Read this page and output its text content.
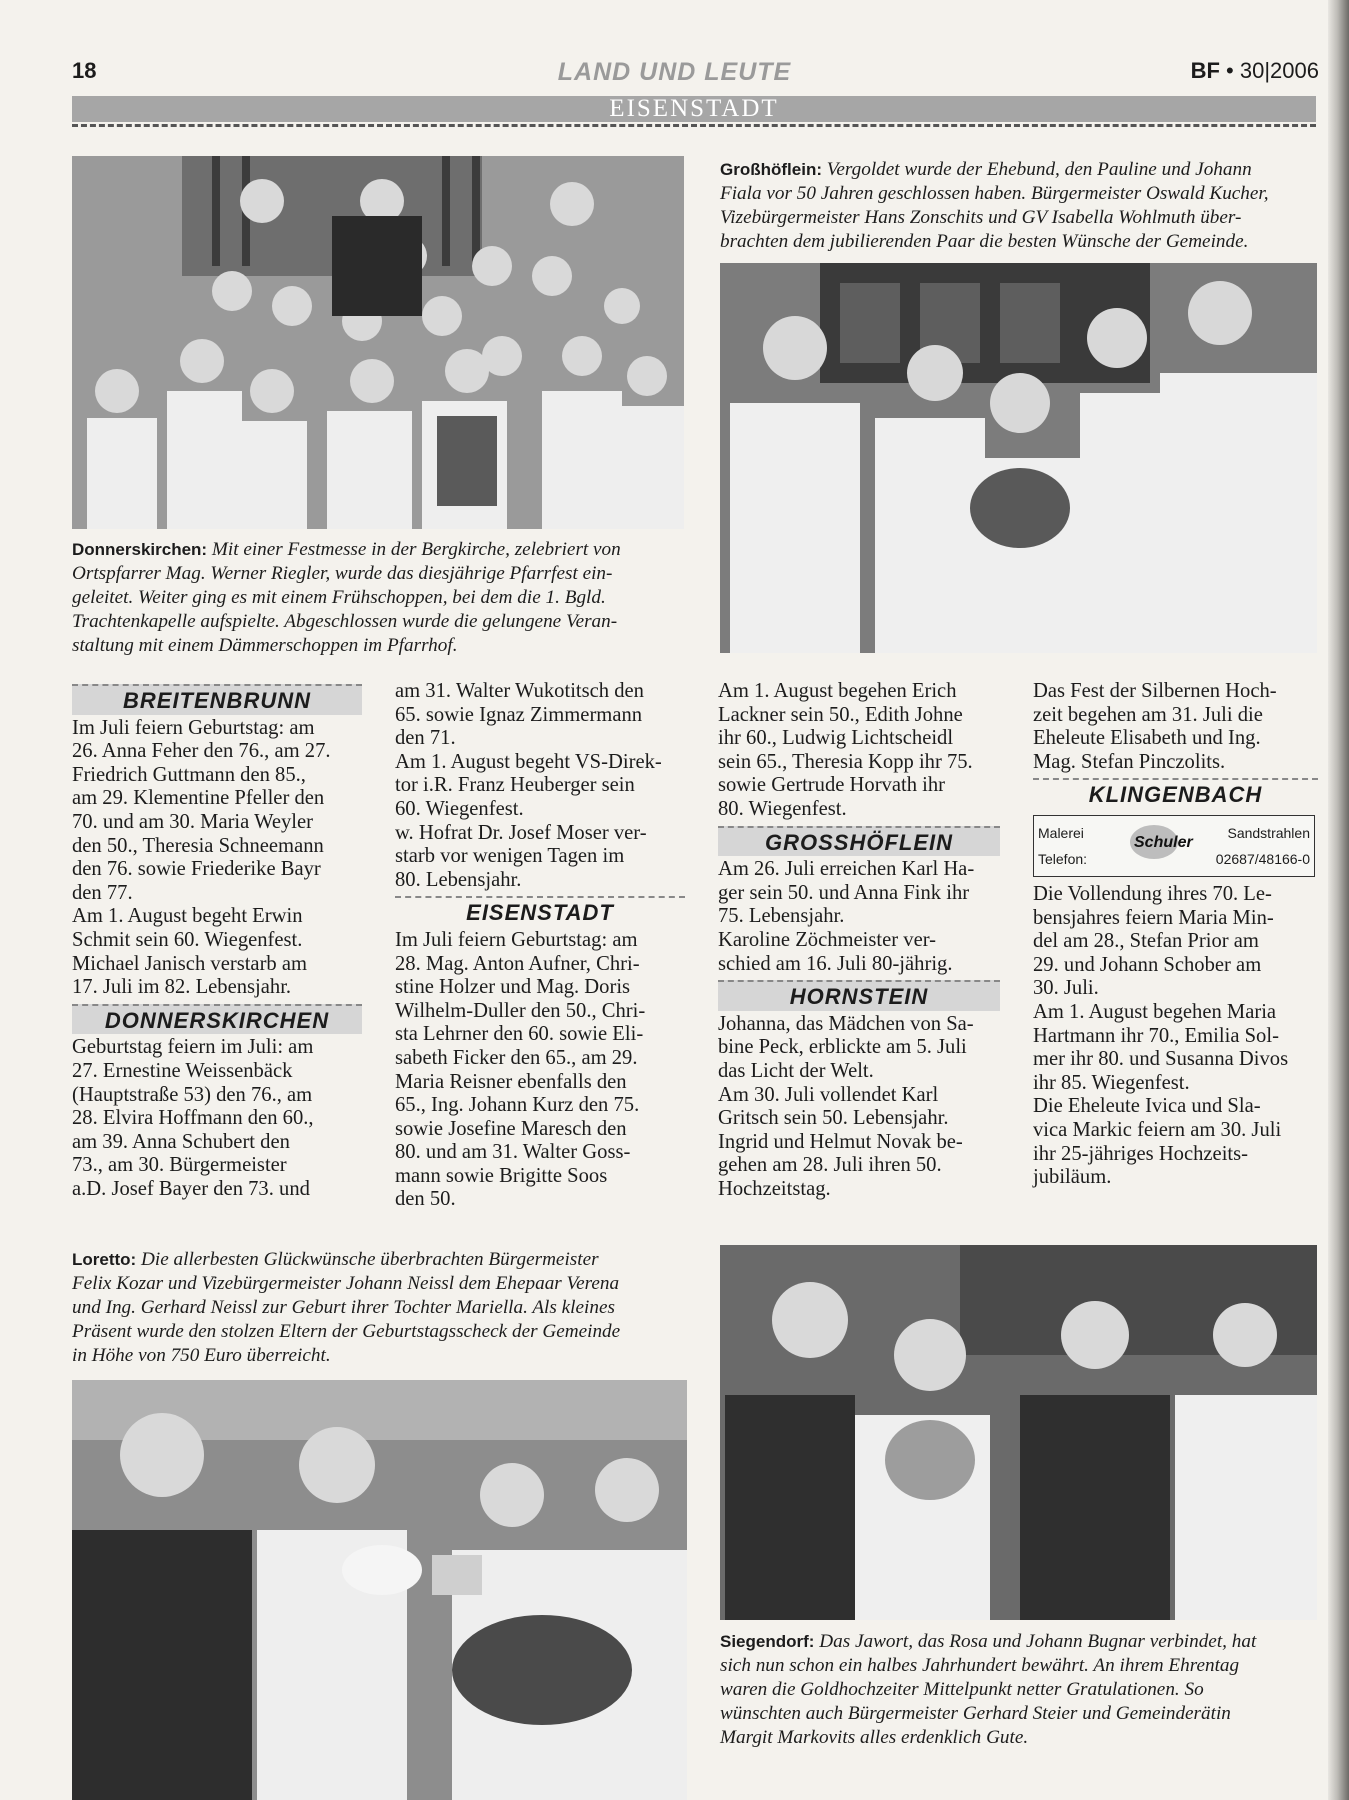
18	LAND UND LEUTE	BF • 30|2006
EISENSTADT
Donnerskirchen: Mit einer Festmesse in der Bergkirche, zelebriert von
Ortspfarrer Mag. Werner Riegler, wurde das diesjährige Pfarrfest ein-
geleitet. Weiter ging es mit einem Frühschoppen, bei dem die 1. Bgld.
Trachtenkapelle aufspielte. Abgeschlossen wurde die gelungene Veran-
staltung mit einem Dämmerschoppen im Pfarrhof.
Großhöflein: Vergoldet wurde der Ehebund, den Pauline und Johann
Fiala vor 50 Jahren geschlossen haben. Bürgermeister Oswald Kucher,
Vizebürgermeister Hans Zonschits und GV Isabella Wohlmuth über-
brachten dem jubilierenden Paar die besten Wünsche der Gemeinde.
BREITENBRUNN
Im Juli feiern Geburtstag: am
26. Anna Feher den 76., am 27.
Friedrich Guttmann den 85.,
am 29. Klementine Pfeller den
70. und am 30. Maria Weyler
den 50., Theresia Schneemann
den 76. sowie Friederike Bayr
den 77.
Am 1. August begeht Erwin
Schmit sein 60. Wiegenfest.
Michael Janisch verstarb am
17. Juli im 82. Lebensjahr.
DONNERSKIRCHEN
Geburtstag feiern im Juli: am
27. Ernestine Weissenbäck
(Hauptstraße 53) den 76., am
28. Elvira Hoffmann den 60.,
am 39. Anna Schubert den
73., am 30. Bürgermeister
a.D. Josef Bayer den 73. und
am 31. Walter Wukotitsch den
65. sowie Ignaz Zimmermann
den 71.
Am 1. August begeht VS-Direk-
tor i.R. Franz Heuberger sein
60. Wiegenfest.
w. Hofrat Dr. Josef Moser ver-
starb vor wenigen Tagen im
80. Lebensjahr.
EISENSTADT
Im Juli feiern Geburtstag: am
28. Mag. Anton Aufner, Chri-
stine Holzer und Mag. Doris
Wilhelm-Duller den 50., Chri-
sta Lehrner den 60. sowie Eli-
sabeth Ficker den 65., am 29.
Maria Reisner ebenfalls den
65., Ing. Johann Kurz den 75.
sowie Josefine Maresch den
80. und am 31. Walter Goss-
mann sowie Brigitte Soos
den 50.
Am 1. August begehen Erich
Lackner sein 50., Edith Johne
ihr 60., Ludwig Lichtscheidl
sein 65., Theresia Kopp ihr 75.
sowie Gertrude Horvath ihr
80. Wiegenfest.
GROSSHÖFLEIN
Am 26. Juli erreichen Karl Ha-
ger sein 50. und Anna Fink ihr
75. Lebensjahr.
Karoline Zöchmeister ver-
schied am 16. Juli 80-jährig.
HORNSTEIN
Johanna, das Mädchen von Sa-
bine Peck, erblickte am 5. Juli
das Licht der Welt.
Am 30. Juli vollendet Karl
Gritsch sein 50. Lebensjahr.
Ingrid und Helmut Novak be-
gehen am 28. Juli ihren 50.
Hochzeitstag.
Das Fest der Silbernen Hoch-
zeit begehen am 31. Juli die
Eheleute Elisabeth und Ing.
Mag. Stefan Pinczolits.
KLINGENBACH
Malerei	Sandstrahlen
Schuler
Telefon:	02687/48166-0
Die Vollendung ihres 70. Le-
bensjahres feiern Maria Min-
del am 28., Stefan Prior am
29. und Johann Schober am
30. Juli.
Am 1. August begehen Maria
Hartmann ihr 70., Emilia Sol-
mer ihr 80. und Susanna Divos
ihr 85. Wiegenfest.
Die Eheleute Ivica und Sla-
vica Markic feiern am 30. Juli
ihr 25-jähriges Hochzeits-
jubiläum.
Loretto: Die allerbesten Glückwünsche überbrachten Bürgermeister
Felix Kozar und Vizebürgermeister Johann Neissl dem Ehepaar Verena
und Ing. Gerhard Neissl zur Geburt ihrer Tochter Mariella. Als kleines
Präsent wurde den stolzen Eltern der Geburtstagsscheck der Gemeinde
in Höhe von 750 Euro überreicht.
Siegendorf: Das Jawort, das Rosa und Johann Bugnar verbindet, hat
sich nun schon ein halbes Jahrhundert bewährt. An ihrem Ehrentag
waren die Goldhochzeiter Mittelpunkt netter Gratulationen. So
wünschten auch Bürgermeister Gerhard Steier und Gemeinderätin
Margit Markovits alles erdenklich Gute.
